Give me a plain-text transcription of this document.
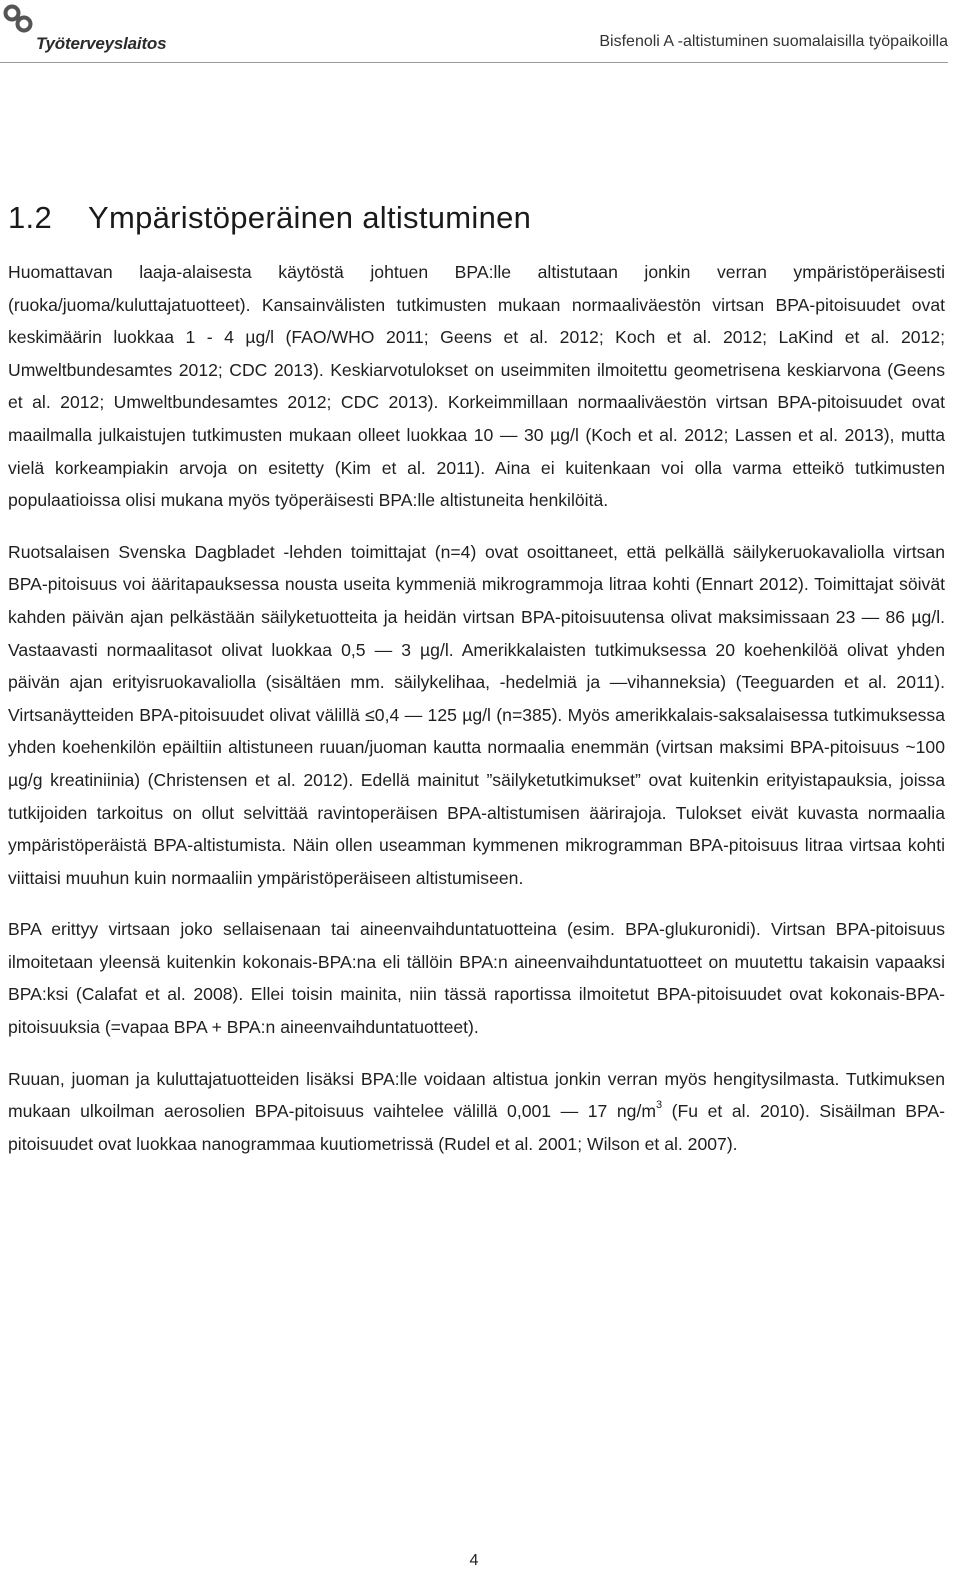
Työterveyslaitos	Bisfenoli A -altistuminen suomalaisilla työpaikoilla
1.2 Ympäristöperäinen altistuminen

Huomattavan laaja-alaisesta käytöstä johtuen BPA:lle altistutaan jonkin verran ympäristöperäisesti (ruoka/juoma/kuluttajatuotteet). Kansainvälisten tutkimusten mukaan normaaliväestön virtsan BPA-pitoisuudet ovat keskimäärin luokkaa 1 - 4 µg/l (FAO/WHO 2011; Geens et al. 2012; Koch et al. 2012; LaKind et al. 2012; Umweltbundesamtes 2012; CDC 2013). Keskiarvotulokset on useimmiten ilmoitettu geometrisena keskiarvona (Geens et al. 2012; Umweltbundesamtes 2012; CDC 2013). Korkeimmillaan normaaliväestön virtsan BPA-pitoisuudet ovat maailmalla julkaistujen tutkimusten mukaan olleet luokkaa 10 — 30 µg/l (Koch et al. 2012; Lassen et al. 2013), mutta vielä korkeampiakin arvoja on esitetty (Kim et al. 2011). Aina ei kuitenkaan voi olla varma etteikö tutkimusten populaatioissa olisi mukana myös työperäisesti BPA:lle altistuneita henkilöitä.

Ruotsalaisen Svenska Dagbladet -lehden toimittajat (n=4) ovat osoittaneet, että pelkällä säilykeruokavaliolla virtsan BPA-pitoisuus voi ääritapauksessa nousta useita kymmeniä mikrogrammoja litraa kohti (Ennart 2012). Toimittajat söivät kahden päivän ajan pelkästään säilyketuotteita ja heidän virtsan BPA-pitoisuutensa olivat maksimissaan 23 — 86 µg/l. Vastaavasti normaalitasot olivat luokkaa 0,5 — 3 µg/l. Amerikkalaisten tutkimuksessa 20 koehenkilöä olivat yhden päivän ajan erityisruokavaliolla (sisältäen mm. säilykelihaa, -hedelmiä ja —vihanneksia) (Teeguarden et al. 2011). Virtsanäytteiden BPA-pitoisuudet olivat välillä ≤0,4 — 125 µg/l (n=385). Myös amerikkalais-saksalaisessa tutkimuksessa yhden koehenkilön epäiltiin altistuneen ruuan/juoman kautta normaalia enemmän (virtsan maksimi BPA-pitoisuus ~100 µg/g kreatiniinia) (Christensen et al. 2012). Edellä mainitut ”säilyketutkimukset” ovat kuitenkin erityistapauksia, joissa tutkijoiden tarkoitus on ollut selvittää ravintoperäisen BPA-altistumisen äärirajoja. Tulokset eivät kuvasta normaalia ympäristöperäistä BPA-altistumista. Näin ollen useamman kymmenen mikrogramman BPA-pitoisuus litraa virtsaa kohti viittaisi muuhun kuin normaaliin ympäristöperäiseen altistumiseen.

BPA erittyy virtsaan joko sellaisenaan tai aineenvaihduntatuotteina (esim. BPA-glukuronidi). Virtsan BPA-pitoisuus ilmoitetaan yleensä kuitenkin kokonais-BPA:na eli tällöin BPA:n aineenvaihduntatuotteet on muutettu takaisin vapaaksi BPA:ksi (Calafat et al. 2008). Ellei toisin mainita, niin tässä raportissa ilmoitetut BPA-pitoisuudet ovat kokonais-BPA-pitoisuuksia (=vapaa BPA + BPA:n aineenvaihduntatuotteet).

Ruuan, juoman ja kuluttajatuotteiden lisäksi BPA:lle voidaan altistua jonkin verran myös hengitysilmasta. Tutkimuksen mukaan ulkoilman aerosolien BPA-pitoisuus vaihtelee välillä 0,001 — 17 $ng/m^3$ (Fu et al. 2010). Sisäilman BPA-pitoisuudet ovat luokkaa nanogrammaa kuutiometrissä (Rudel et al. 2001; Wilson et al. 2007).

4
